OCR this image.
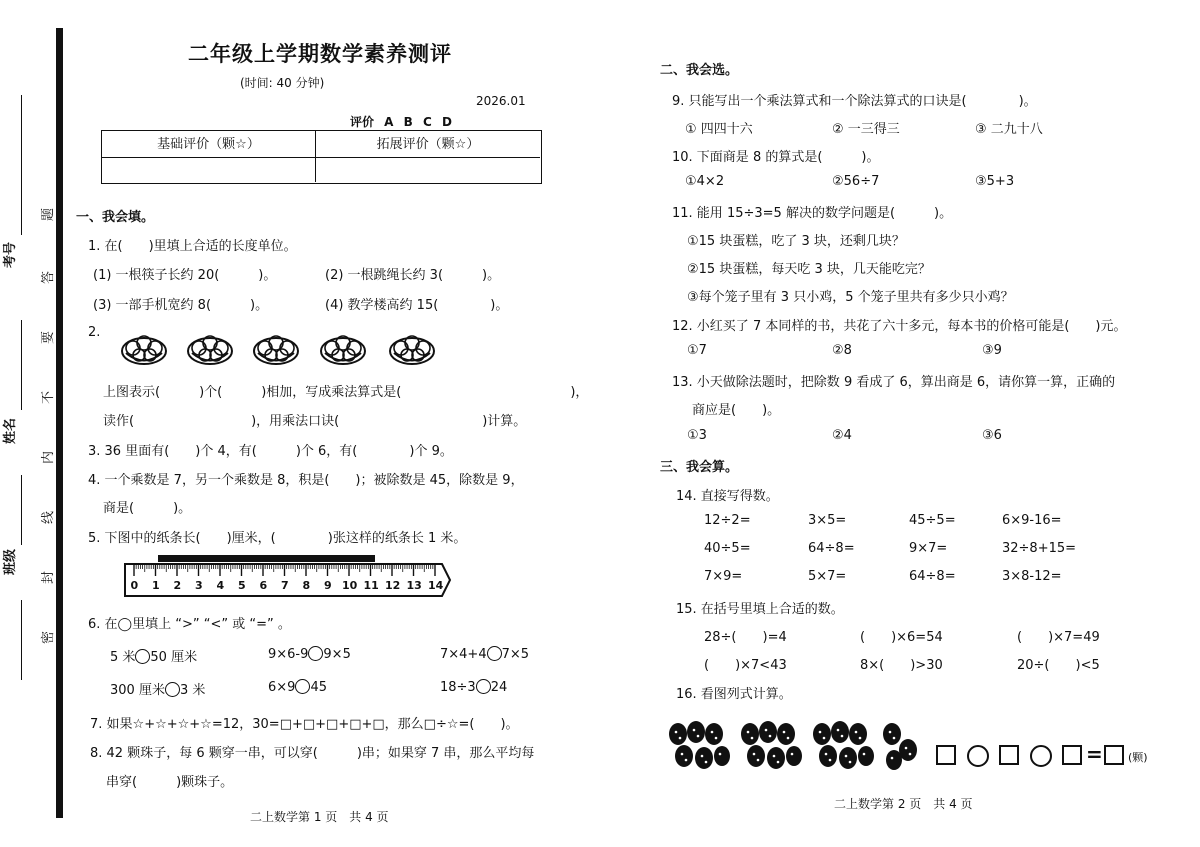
考号
姓名
班级
题
答
要
不
内
线
封
密
二年级上学期数学素养测评
(时间: 40 分钟)
2026.01
评价 A B C D
基础评价（颗☆）	拓展评价（颗☆）
一、我会填。
1. 在(　　)里填上合适的长度单位。
(1) 一根筷子长约 20(　　　)。	(2) 一根跳绳长约 3(　　　)。
(3) 一部手机宽约 8(　　　)。	(4) 教学楼高约 15(　　　　)。
2.
上图表示(　　　)个(　　　)相加，写成乘法算式是(　　　　　　　　　　　　　)，
读作(　　　　　　　　　)，用乘法口诀(　　　　　　　　　　　)计算。
3. 36 里面有(　　)个 4，有(　　　)个 6，有(　　　　)个 9。
4. 一个乘数是 7，另一个乘数是 8，积是(　　)；被除数是 45，除数是 9，
商是(　　　)。
5. 下图中的纸条长(　　)厘米，(　　　　)张这样的纸条长 1 米。
0 1 2 3 4 5 6 7 8 9 10 11 12 13 14
6. 在◯里填上 “>” “<” 或 “=” 。
5 米 50 厘米	9×6-9 9×5	7×4+4 7×5
300 厘米 3 米	6×9 45	18÷3 24
7. 如果☆+☆+☆+☆=12，30=□+□+□+□+□，那么□÷☆=(　　)。
8. 42 颗珠子，每 6 颗穿一串，可以穿(　　　)串；如果穿 7 串，那么平均每
串穿(　　　)颗珠子。
二上数学第 1 页　共 4 页
二、我会选。
9. 只能写出一个乘法算式和一个除法算式的口诀是(　　　　)。
① 四四十六	② 一三得三	③ 二九十八
10. 下面商是 8 的算式是(　　　)。
①4×2	②56÷7	③5+3
11. 能用 15÷3=5 解决的数学问题是(　　　)。
①15 块蛋糕，吃了 3 块，还剩几块？
②15 块蛋糕，每天吃 3 块，几天能吃完？
③每个笼子里有 3 只小鸡，5 个笼子里共有多少只小鸡？
12. 小红买了 7 本同样的书，共花了六十多元，每本书的价格可能是(　　)元。
①7	②8	③9
13. 小天做除法题时，把除数 9 看成了 6，算出商是 6，请你算一算，正确的
商应是(　　)。
①3	②4	③6
三、我会算。
14. 直接写得数。
12÷2=	3×5=	45÷5=	6×9-16=
40÷5=	64÷8=	9×7=	32÷8+15=
7×9=	5×7=	64÷8=	3×8-12=
15. 在括号里填上合适的数。
28÷(　　)=4	(　　)×6=54	(　　)×7=49
(　　)×7<43	8×(　　)>30	20÷(　　)<5
16. 看图列式计算。
= (颗)
二上数学第 2 页　共 4 页
